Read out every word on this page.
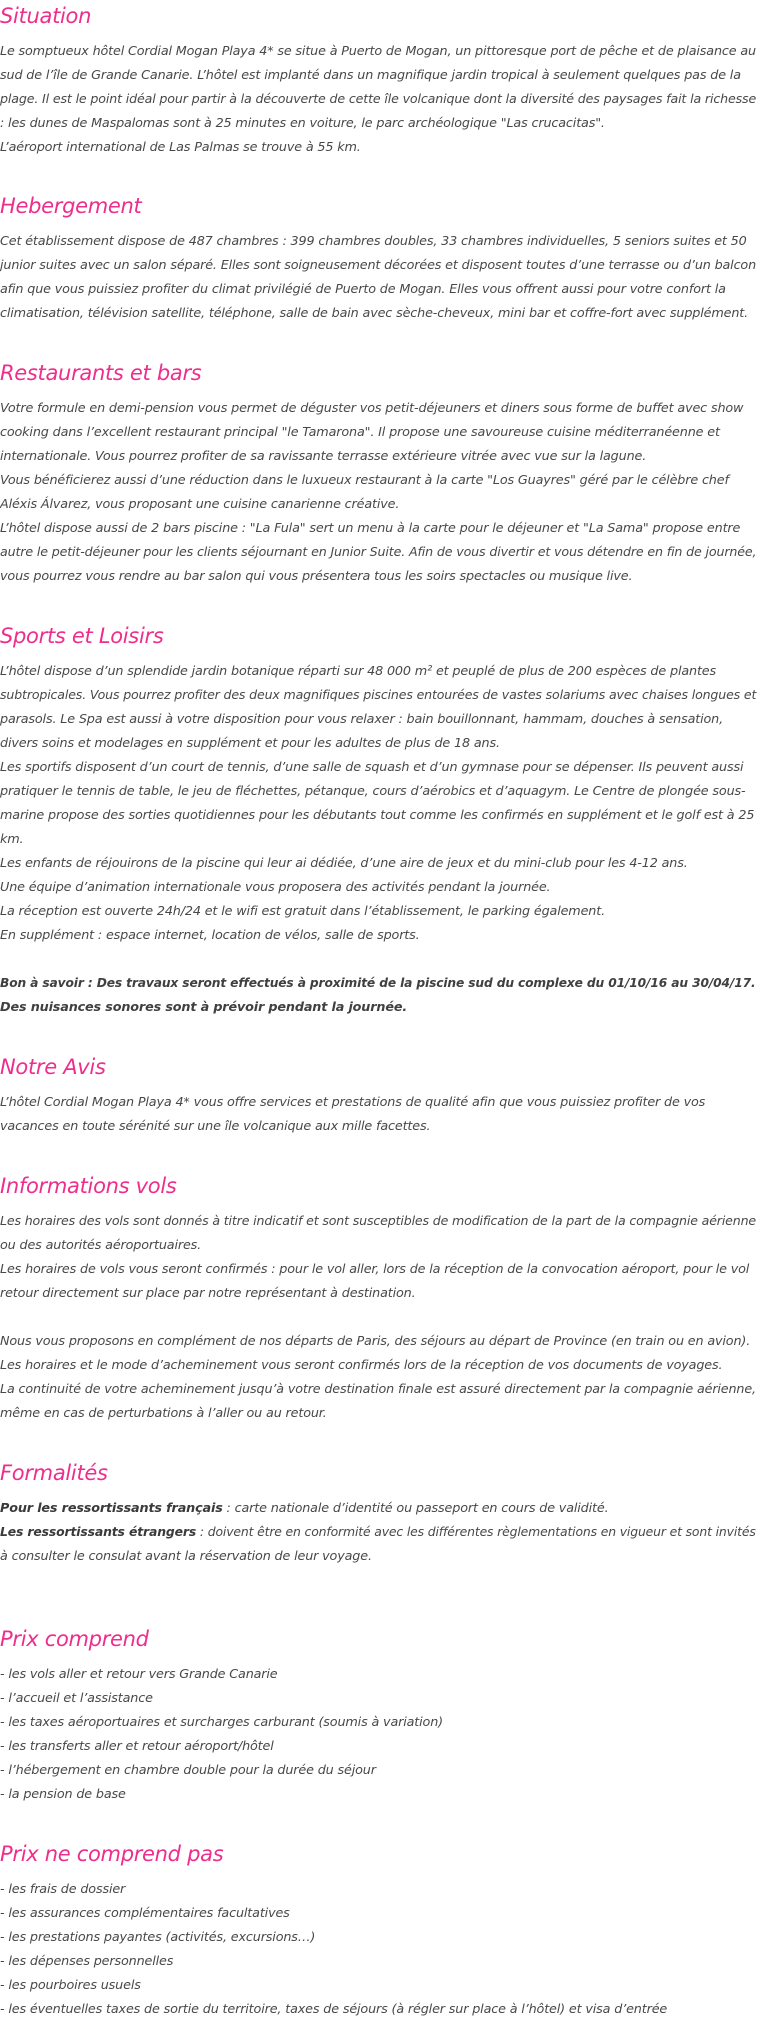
Situation

Le somptueux hôtel Cordial Mogan Playa 4* se situe à Puerto de Mogan, un pittoresque port de pêche et de plaisance au

sud de l’île de Grande Canarie. L’hôtel est implanté dans un magnifique jardin tropical à seulement quelques pas de la

plage. Il est le point idéal pour partir à la découverte de cette île volcanique dont la diversité des paysages fait la richesse

: les dunes de Maspalomas sont à 25 minutes en voiture, le parc archéologique "Las crucacitas".

L’aéroport international de Las Palmas se trouve à 55 km.

Hebergement

Cet établissement dispose de 487 chambres : 399 chambres doubles, 33 chambres individuelles, 5 seniors suites et 50

junior suites avec un salon séparé. Elles sont soigneusement décorées et disposent toutes d’une terrasse ou d’un balcon

afin que vous puissiez profiter du climat privilégié de Puerto de Mogan. Elles vous offrent aussi pour votre confort la

climatisation, télévision satellite, téléphone, salle de bain avec sèche-cheveux, mini bar et coffre-fort avec supplément.

Restaurants et bars

Votre formule en demi-pension vous permet de déguster vos petit-déjeuners et diners sous forme de buffet avec show

cooking dans l’excellent restaurant principal "le Tamarona". Il propose une savoureuse cuisine méditerranéenne et

internationale. Vous pourrez profiter de sa ravissante terrasse extérieure vitrée avec vue sur la lagune.

Vous bénéficierez aussi d’une réduction dans le luxueux restaurant à la carte "Los Guayres" géré par le célèbre chef

Aléxis Álvarez, vous proposant une cuisine canarienne créative.

L’hôtel dispose aussi de 2 bars piscine : "La Fula" sert un menu à la carte pour le déjeuner et "La Sama" propose entre

autre le petit-déjeuner pour les clients séjournant en Junior Suite. Afin de vous divertir et vous détendre en fin de journée,

vous pourrez vous rendre au bar salon qui vous présentera tous les soirs spectacles ou musique live.

Sports et Loisirs

L’hôtel dispose d’un splendide jardin botanique réparti sur 48 000 m² et peuplé de plus de 200 espèces de plantes

subtropicales. Vous pourrez profiter des deux magnifiques piscines entourées de vastes solariums avec chaises longues et

parasols. Le Spa est aussi à votre disposition pour vous relaxer : bain bouillonnant, hammam, douches à sensation,

divers soins et modelages en supplément et pour les adultes de plus de 18 ans.

Les sportifs disposent d’un court de tennis, d’une salle de squash et d’un gymnase pour se dépenser. Ils peuvent aussi

pratiquer le tennis de table, le jeu de fléchettes, pétanque, cours d’aérobics et d’aquagym. Le Centre de plongée sous-

marine propose des sorties quotidiennes pour les débutants tout comme les confirmés en supplément et le golf est à 25

km.

Les enfants de réjouirons de la piscine qui leur ai dédiée, d’une aire de jeux et du mini-club pour les 4-12 ans.

Une équipe d’animation internationale vous proposera des activités pendant la journée.

La réception est ouverte 24h/24 et le wifi est gratuit dans l’établissement, le parking également.

En supplément : espace internet, location de vélos, salle de sports.

Bon à savoir : Des travaux seront effectués à proximité de la piscine sud du complexe du 01/10/16 au 30/04/17.

Des nuisances sonores sont à prévoir pendant la journée.

Notre Avis

L’hôtel Cordial Mogan Playa 4* vous offre services et prestations de qualité afin que vous puissiez profiter de vos

vacances en toute sérénité sur une île volcanique aux mille facettes.

Informations vols

Les horaires des vols sont donnés à titre indicatif et sont susceptibles de modification de la part de la compagnie aérienne

ou des autorités aéroportuaires.

Les horaires de vols vous seront confirmés : pour le vol aller, lors de la réception de la convocation aéroport, pour le vol

retour directement sur place par notre représentant à destination.

Nous vous proposons en complément de nos départs de Paris, des séjours au départ de Province (en train ou en avion).

Les horaires et le mode d’acheminement vous seront confirmés lors de la réception de vos documents de voyages.

La continuité de votre acheminement jusqu’à votre destination finale est assuré directement par la compagnie aérienne,

même en cas de perturbations à l’aller ou au retour.

Formalités

Pour les ressortissants français : carte nationale d’identité ou passeport en cours de validité.

Les ressortissants étrangers : doivent être en conformité avec les différentes règlementations en vigueur et sont invités

à consulter le consulat avant la réservation de leur voyage.

Prix comprend

- les vols aller et retour vers Grande Canarie

- l’accueil et l’assistance

- les taxes aéroportuaires et surcharges carburant (soumis à variation)

- les transferts aller et retour aéroport/hôtel

- l’hébergement en chambre double pour la durée du séjour

- la pension de base

Prix ne comprend pas

- les frais de dossier

- les assurances complémentaires facultatives

- les prestations payantes (activités, excursions…)

- les dépenses personnelles

- les pourboires usuels

- les éventuelles taxes de sortie du territoire, taxes de séjours (à régler sur place à l’hôtel) et visa d’entrée
